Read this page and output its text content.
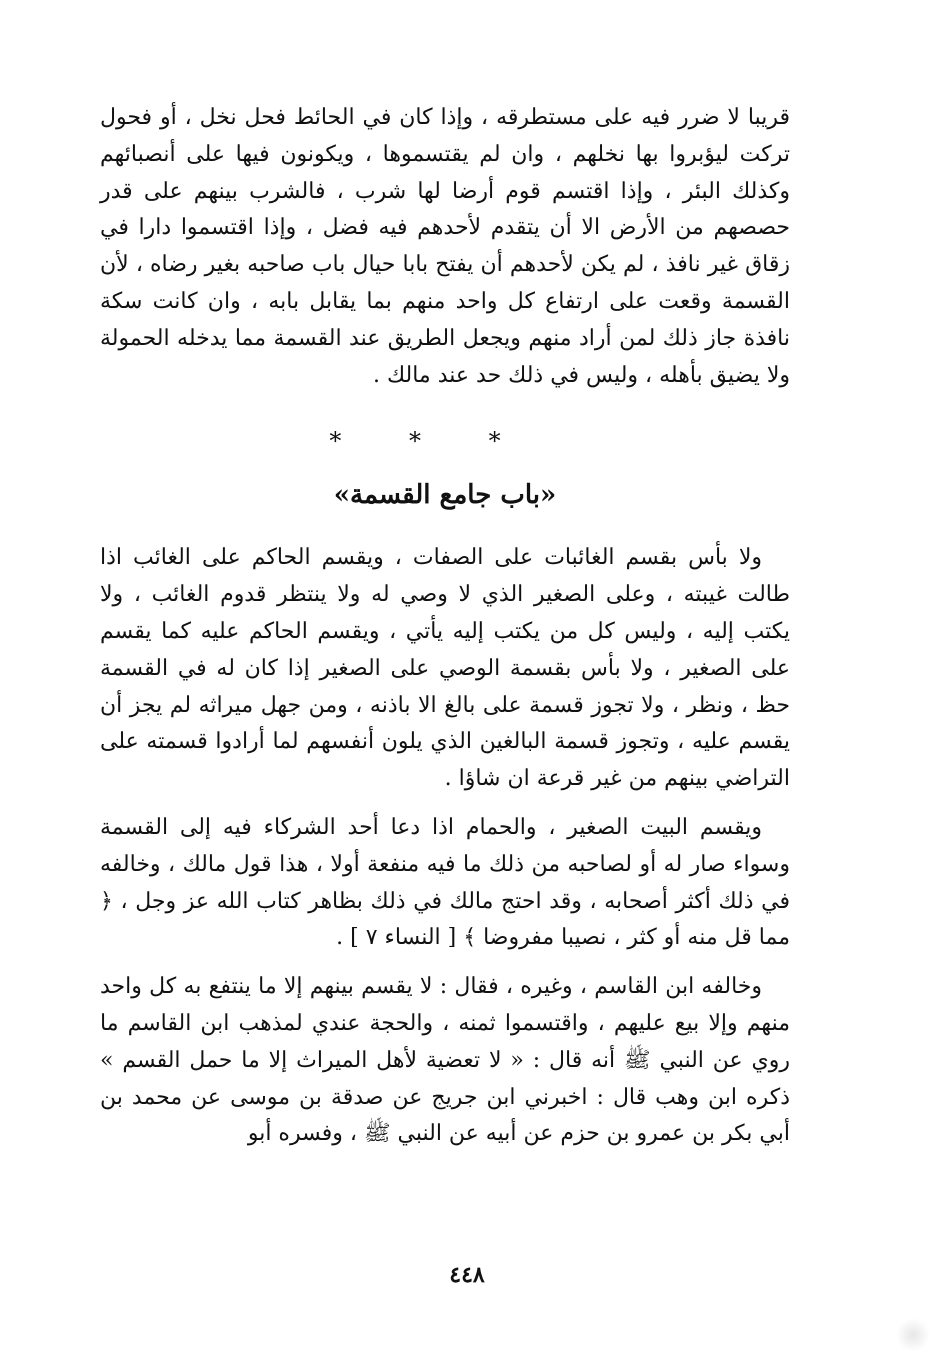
قريبا لا ضرر فيه على مستطرقه ، وإذا كان في الحائط فحل نخل ، أو فحول تركت ليؤبروا بها نخلهم ، وان لم يقتسموها ، ويكونون فيها على أنصبائهم وكذلك البئر ، وإذا اقتسم قوم أرضا لها شرب ، فالشرب بينهم على قدر حصصهم من الأرض الا أن يتقدم لأحدهم فيه فضل ، وإذا اقتسموا دارا في زقاق غير نافذ ، لم يكن لأحدهم أن يفتح بابا حيال باب صاحبه بغير رضاه ، لأن القسمة وقعت على ارتفاع كل واحد منهم بما يقابل بابه ، وان كانت سكة نافذة جاز ذلك لمن أراد منهم ويجعل الطريق عند القسمة مما يدخله الحمولة ولا يضيق بأهله ، وليس في ذلك حد عند مالك .

* * *
«باب جامع القسمة»

ولا بأس بقسم الغائبات على الصفات ، ويقسم الحاكم على الغائب اذا طالت غيبته ، وعلى الصغير الذي لا وصي له ولا ينتظر قدوم الغائب ، ولا يكتب إليه ، وليس كل من يكتب إليه يأتي ، ويقسم الحاكم عليه كما يقسم على الصغير ، ولا بأس بقسمة الوصي على الصغير إذا كان له في القسمة حظ ، ونظر ، ولا تجوز قسمة على بالغ الا باذنه ، ومن جهل ميراثه لم يجز أن يقسم عليه ، وتجوز قسمة البالغين الذي يلون أنفسهم لما أرادوا قسمته على التراضي بينهم من غير قرعة ان شاؤا .

ويقسم البيت الصغير ، والحمام اذا دعا أحد الشركاء فيه إلى القسمة وسواء صار له أو لصاحبه من ذلك ما فيه منفعة أولا ، هذا قول مالك ، وخالفه في ذلك أكثر أصحابه ، وقد احتج مالك في ذلك بظاهر كتاب الله عز وجل ، ﴿ مما قل منه أو كثر ، نصيبا مفروضا ﴾ [ النساء ٧ ] .

وخالفه ابن القاسم ، وغيره ، فقال : لا يقسم بينهم إلا ما ينتفع به كل واحد منهم وإلا بيع عليهم ، واقتسموا ثمنه ، والحجة عندي لمذهب ابن القاسم ما روي عن النبي ﷺ أنه قال : « لا تعضية لأهل الميراث إلا ما حمل القسم » ذكره ابن وهب قال : اخبرني ابن جريج عن صدقة بن موسى عن محمد بن أبي بكر بن عمرو بن حزم عن أبيه عن النبي ﷺ ، وفسره أبو

٤٤٨
